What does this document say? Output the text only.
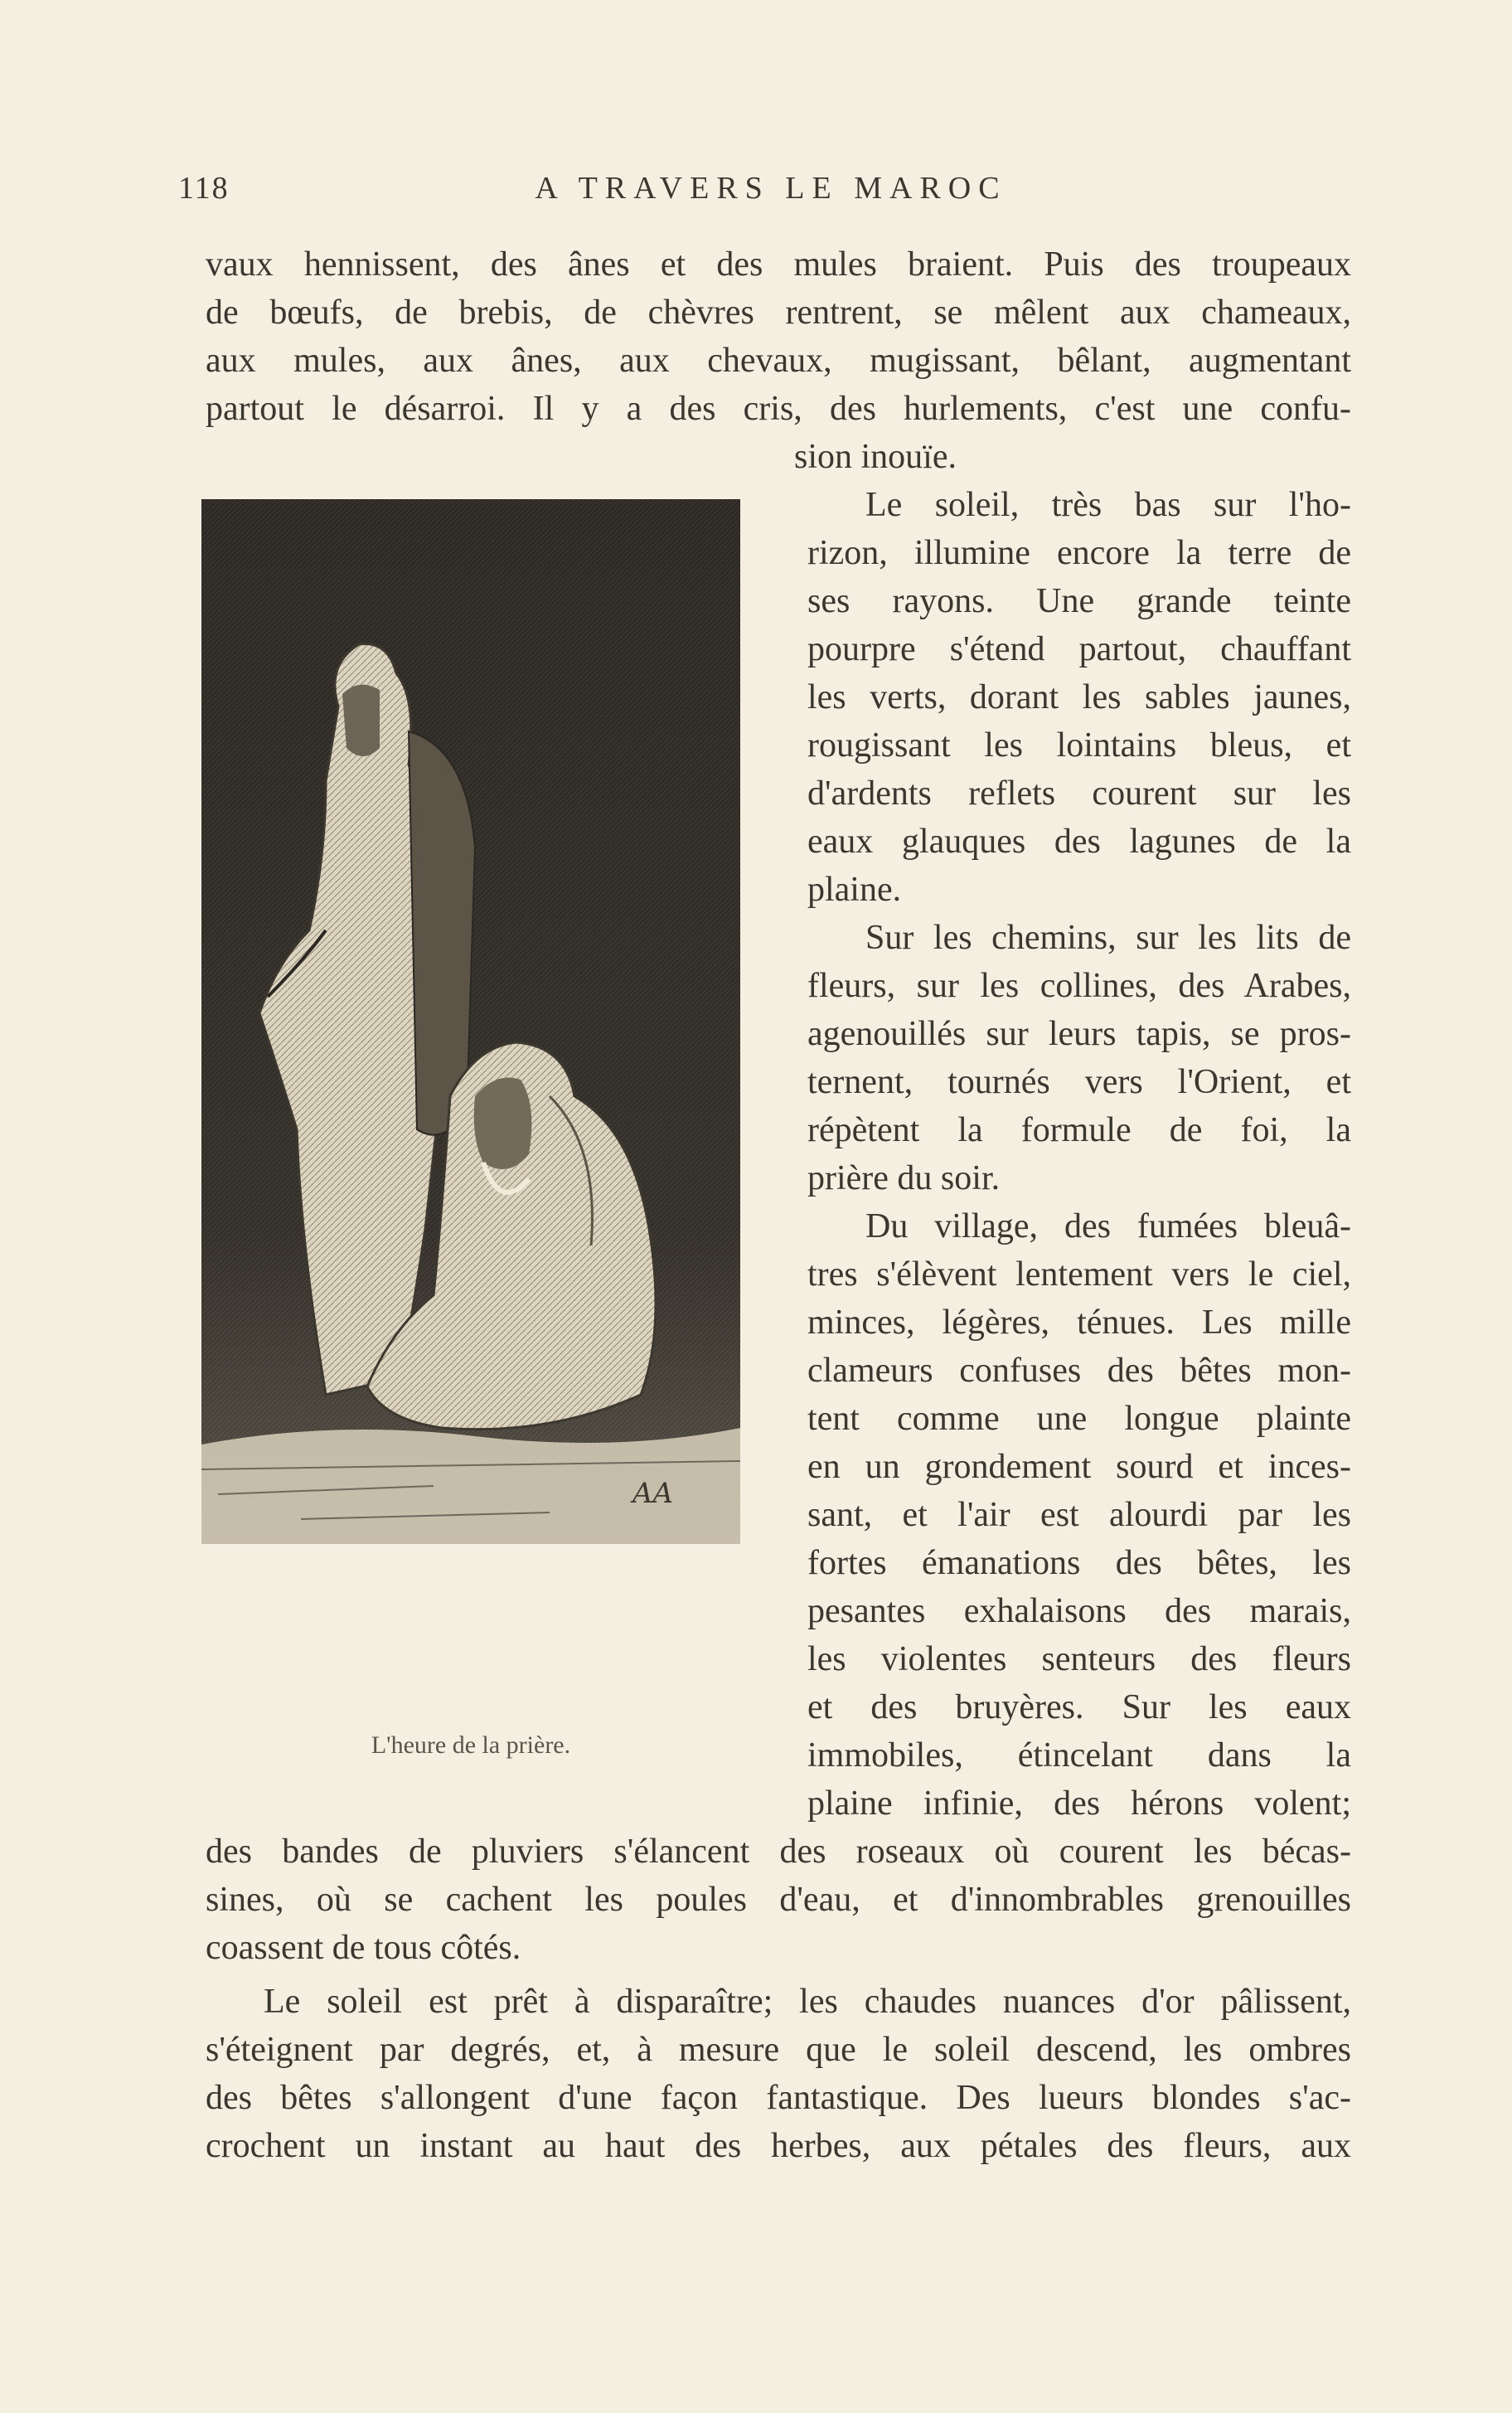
118	A TRAVERS LE MAROC
vaux hennissent, des ânes et des mules braient. Puis des troupeaux
de bœufs, de brebis, de chèvres rentrent, se mêlent aux chameaux,
aux mules, aux ânes, aux chevaux, mugissant, bêlant, augmentant
partout le désarroi. Il y a des cris, des hurlements, c'est une confu-
AA
L'heure de la prière.
sion inouïe.
Le soleil, très bas sur l'ho-
rizon, illumine encore la terre de
ses rayons. Une grande teinte
pourpre s'étend partout, chauffant
les verts, dorant les sables jaunes,
rougissant les lointains bleus, et
d'ardents reflets courent sur les
eaux glauques des lagunes de la
plaine.
Sur les chemins, sur les lits de
fleurs, sur les collines, des Arabes,
agenouillés sur leurs tapis, se pros-
ternent, tournés vers l'Orient, et
répètent la formule de foi, la
prière du soir.
Du village, des fumées bleuâ-
tres s'élèvent lentement vers le ciel,
minces, légères, ténues. Les mille
clameurs confuses des bêtes mon-
tent comme une longue plainte
en un grondement sourd et inces-
sant, et l'air est alourdi par les
fortes émanations des bêtes, les
pesantes exhalaisons des marais,
les violentes senteurs des fleurs
et des bruyères. Sur les eaux
immobiles, étincelant dans la
plaine infinie, des hérons volent;
des bandes de pluviers s'élancent des roseaux où courent les bécas-
sines, où se cachent les poules d'eau, et d'innombrables grenouilles
coassent de tous côtés.
Le soleil est prêt à disparaître; les chaudes nuances d'or pâlissent,
s'éteignent par degrés, et, à mesure que le soleil descend, les ombres
des bêtes s'allongent d'une façon fantastique. Des lueurs blondes s'ac-
crochent un instant au haut des herbes, aux pétales des fleurs, aux
